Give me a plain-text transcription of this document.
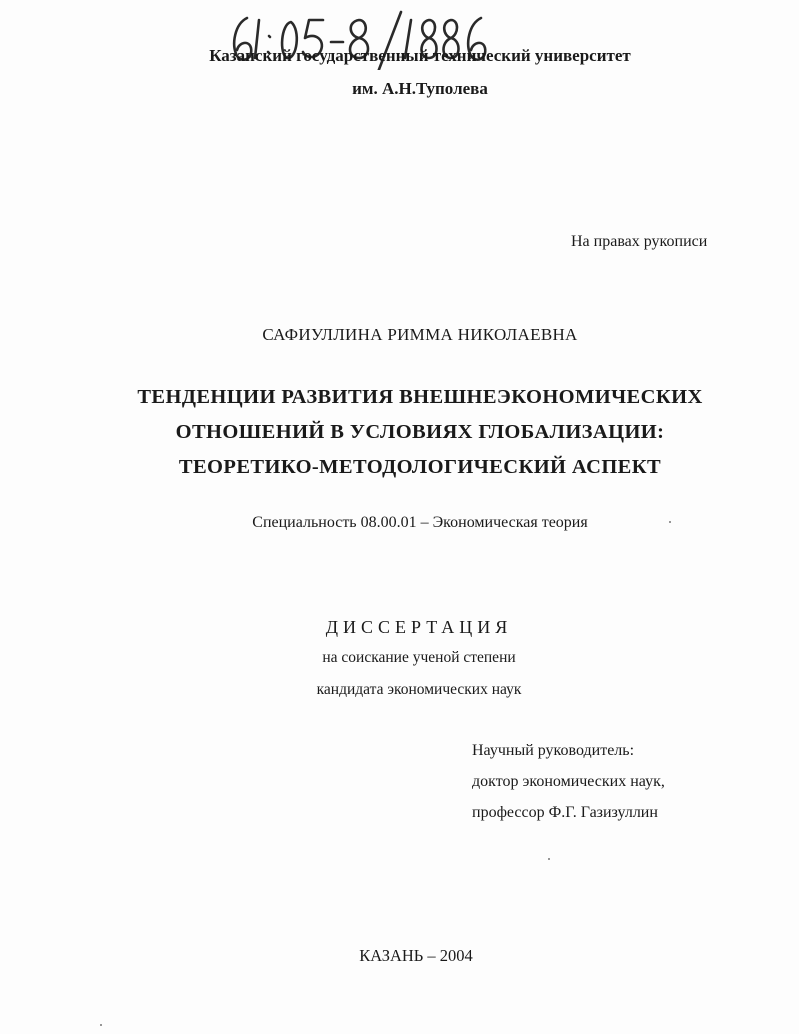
Казанский государственный технический университет
им. А.Н.Туполева
На правах рукописи
САФИУЛЛИНА РИММА НИКОЛАЕВНА
ТЕНДЕНЦИИ РАЗВИТИЯ ВНЕШНЕЭКОНОМИЧЕСКИХ
ОТНОШЕНИЙ В УСЛОВИЯХ ГЛОБАЛИЗАЦИИ:
ТЕОРЕТИКО-МЕТОДОЛОГИЧЕСКИЙ АСПЕКТ
Специальность 08.00.01 – Экономическая теория
ДИССЕРТАЦИЯ
на соискание ученой степени
кандидата экономических наук
Научный руководитель:
доктор экономических наук,
профессор Ф.Г. Газизуллин
КАЗАНЬ – 2004
